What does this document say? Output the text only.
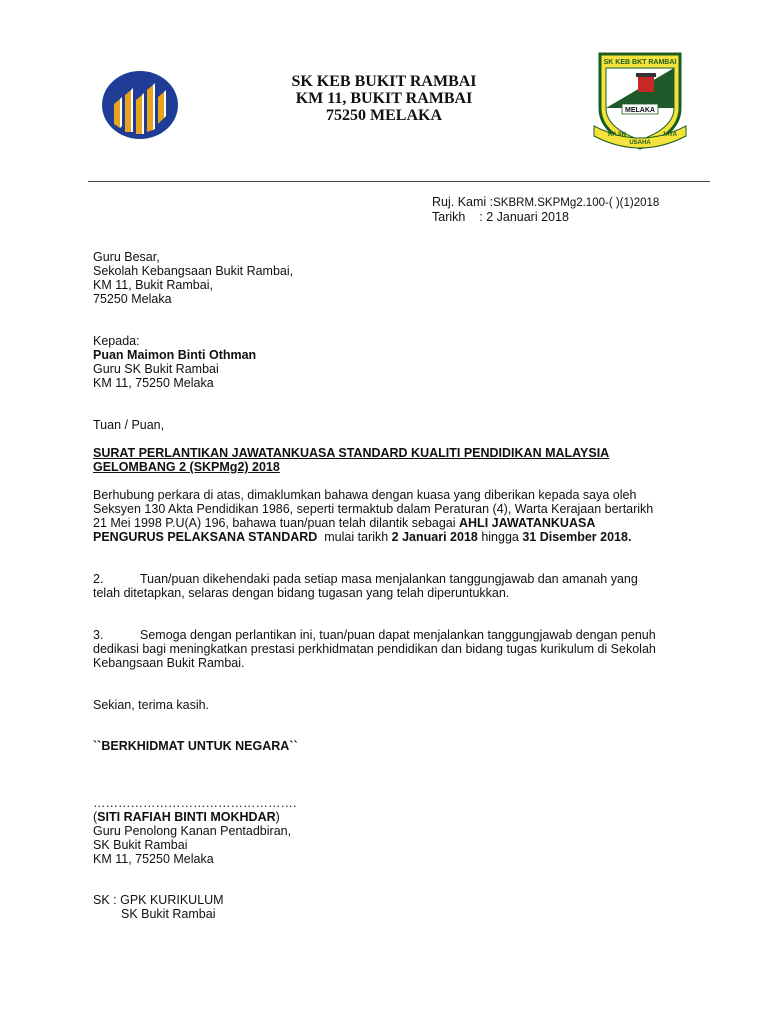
SK KEB BUKIT RAMBAI
KM 11, BUKIT RAMBAI
75250 MELAKA
SK KEB BKT RAMBAI
MELAKA
RAJIN
USAHA
JAYA
Ruj. Kami :SKBRM.SKPMg2.100-( )(1)2018
Tarikh : 2 Januari 2018
Guru Besar,
Sekolah Kebangsaan Bukit Rambai,
KM 11, Bukit Rambai,
75250 Melaka
Kepada:
Puan Maimon Binti Othman
Guru SK Bukit Rambai
KM 11, 75250 Melaka
Tuan / Puan,
SURAT PERLANTIKAN JAWATANKUASA STANDARD KUALITI PENDIDIKAN MALAYSIA
GELOMBANG 2 (SKPMg2) 2018
Berhubung perkara di atas, dimaklumkan bahawa dengan kuasa yang diberikan kepada saya oleh
Seksyen 130 Akta Pendidikan 1986, seperti termaktub dalam Peraturan (4), Warta Kerajaan bertarikh
21 Mei 1998 P.U(A) 196, bahawa tuan/puan telah dilantik sebagai AHLI JAWATANKUASA
PENGURUS PELAKSANA STANDARD  mulai tarikh 2 Januari 2018 hingga 31 Disember 2018.
2.	Tuan/puan dikehendaki pada setiap masa menjalankan tanggungjawab dan amanah yang
telah ditetapkan, selaras dengan bidang tugasan yang telah diperuntukkan.
3.	Semoga dengan perlantikan ini, tuan/puan dapat menjalankan tanggungjawab dengan penuh
dedikasi bagi meningkatkan prestasi perkhidmatan pendidikan dan bidang tugas kurikulum di Sekolah
Kebangsaan Bukit Rambai.
Sekian, terima kasih.
``BERKHIDMAT UNTUK NEGARA``
………………………………………….
(SITI RAFIAH BINTI MOKHDAR)
Guru Penolong Kanan Pentadbiran,
SK Bukit Rambai
KM 11, 75250 Melaka
SK : GPK KURIKULUM
SK Bukit Rambai
